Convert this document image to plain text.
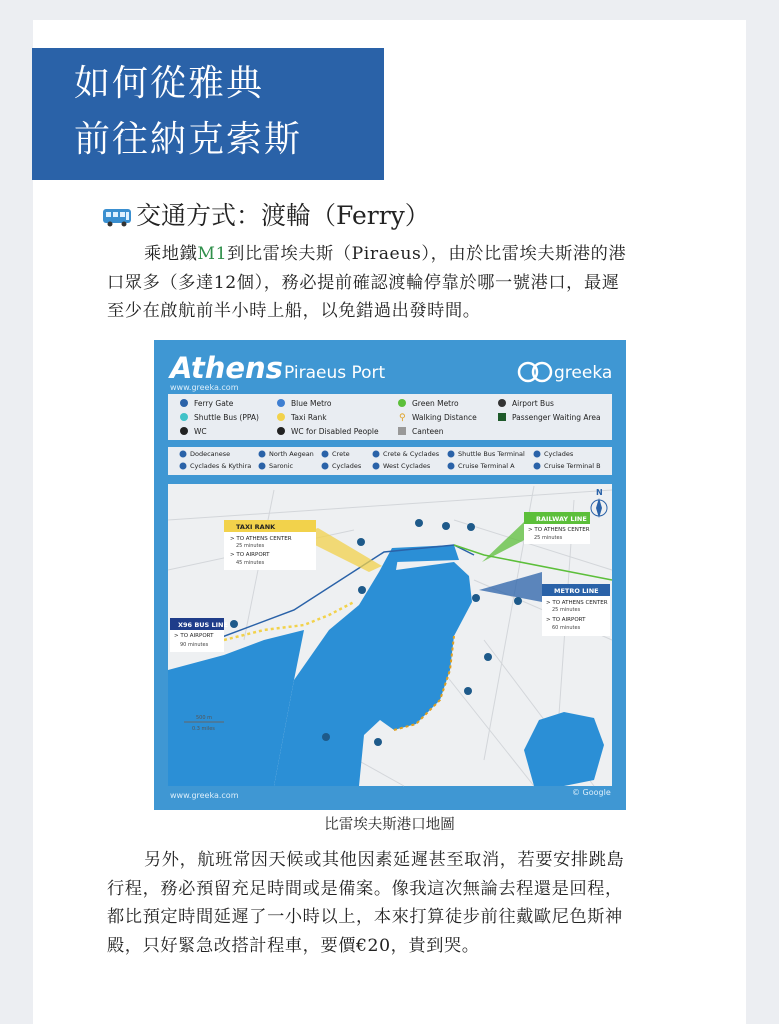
如何從雅典
前往納克索斯
交通方式：渡輪（Ferry）

乘地鐵M1到比雷埃夫斯（Piraeus），由於比雷埃夫斯港的港

口眾多（多達12個），務必提前確認渡輪停靠於哪一號港口，最遲

至少在啟航前半小時上船，以免錯過出發時間。

Athens Piraeus Port
www.greeka.com
greeka
Ferry Gate	Blue Metro	Green Metro	Airport Bus
Shuttle Bus (PPA)	Taxi Rank	⚲ Walking Distance	Passenger Waiting Area
WC	WC for Disabled People	Canteen
Dodecanese	North Aegean	Crete	Crete & Cyclades	Shuttle Bus Terminal	Cyclades
Cyclades & Kythira	Saronic	Cyclades	West Cyclades	Cruise Terminal A	Cruise Terminal B
TAXI RANK
> TO ATHENS CENTER
25 minutes
> TO AIRPORT
45 minutes
RAILWAY LINE
> TO ATHENS CENTER
25 minutes
METRO LINE
> TO ATHENS CENTER
25 minutes
> TO AIRPORT
60 minutes
X96 BUS LINE
> TO AIRPORT
90 minutes
N
500 m
0.3 miles
www.greeka.com	© Google
比雷埃夫斯港口地圖

另外，航班常因天候或其他因素延遲甚至取消，若要安排跳島

行程，務必預留充足時間或是備案。像我這次無論去程還是回程，

都比預定時間延遲了一小時以上，本來打算徒步前往戴歐尼色斯神

殿，只好緊急改搭計程車，要價€20，貴到哭。
